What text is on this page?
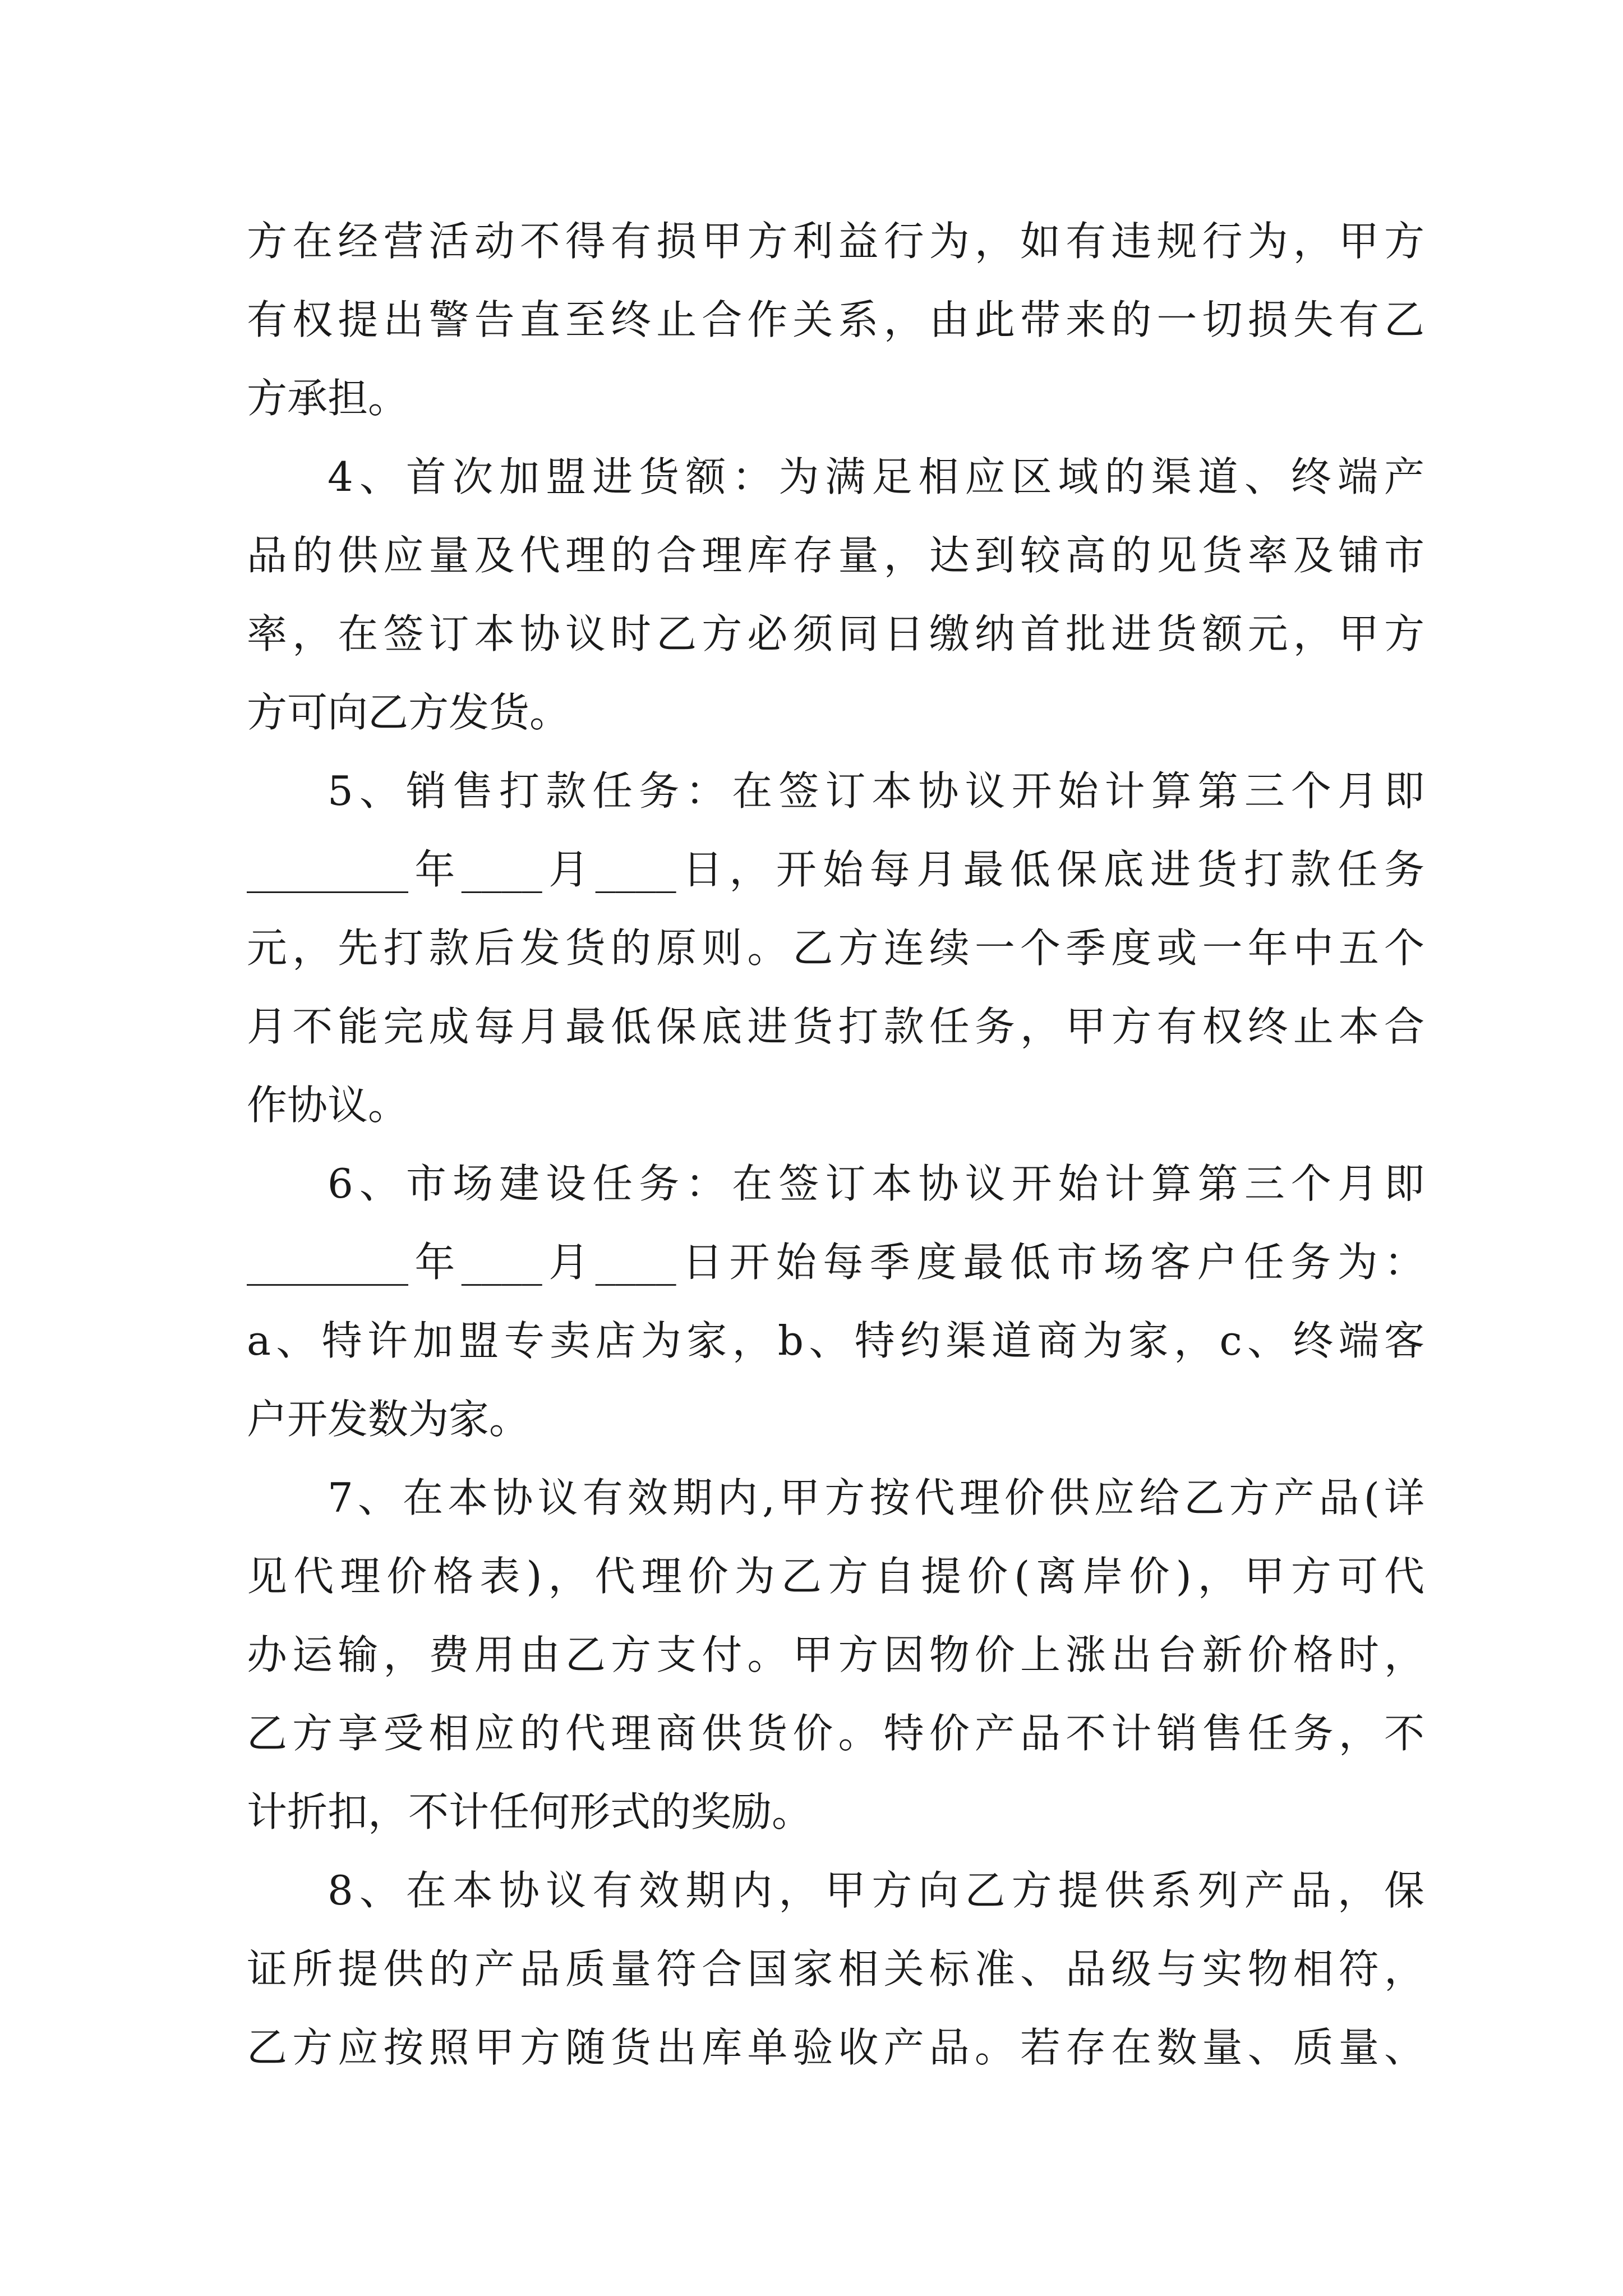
方在经营活动不得有损甲方利益行为，如有违规行为，甲方
有权提出警告直至终止合作关系，由此带来的一切损失有乙
方承担。
4、首次加盟进货额：为满足相应区域的渠道、终端产
品的供应量及代理的合理库存量，达到较高的见货率及铺市
率，在签订本协议时乙方必须同日缴纳首批进货额元，甲方
方可向乙方发货。
5、销售打款任务：在签订本协议开始计算第三个月即
________年____月____日，开始每月最低保底进货打款任务
元，先打款后发货的原则。乙方连续一个季度或一年中五个
月不能完成每月最低保底进货打款任务，甲方有权终止本合
作协议。
6、市场建设任务：在签订本协议开始计算第三个月即
________年____月____日开始每季度最低市场客户任务为：
a、特许加盟专卖店为家，b、特约渠道商为家，c、终端客
户开发数为家。
7、在本协议有效期内,甲方按代理价供应给乙方产品(详
见代理价格表)，代理价为乙方自提价(离岸价)，甲方可代
办运输，费用由乙方支付。甲方因物价上涨出台新价格时，
乙方享受相应的代理商供货价。特价产品不计销售任务，不
计折扣，不计任何形式的奖励。
8、在本协议有效期内，甲方向乙方提供系列产品，保
证所提供的产品质量符合国家相关标准、品级与实物相符，
乙方应按照甲方随货出库单验收产品。若存在数量、质量、
